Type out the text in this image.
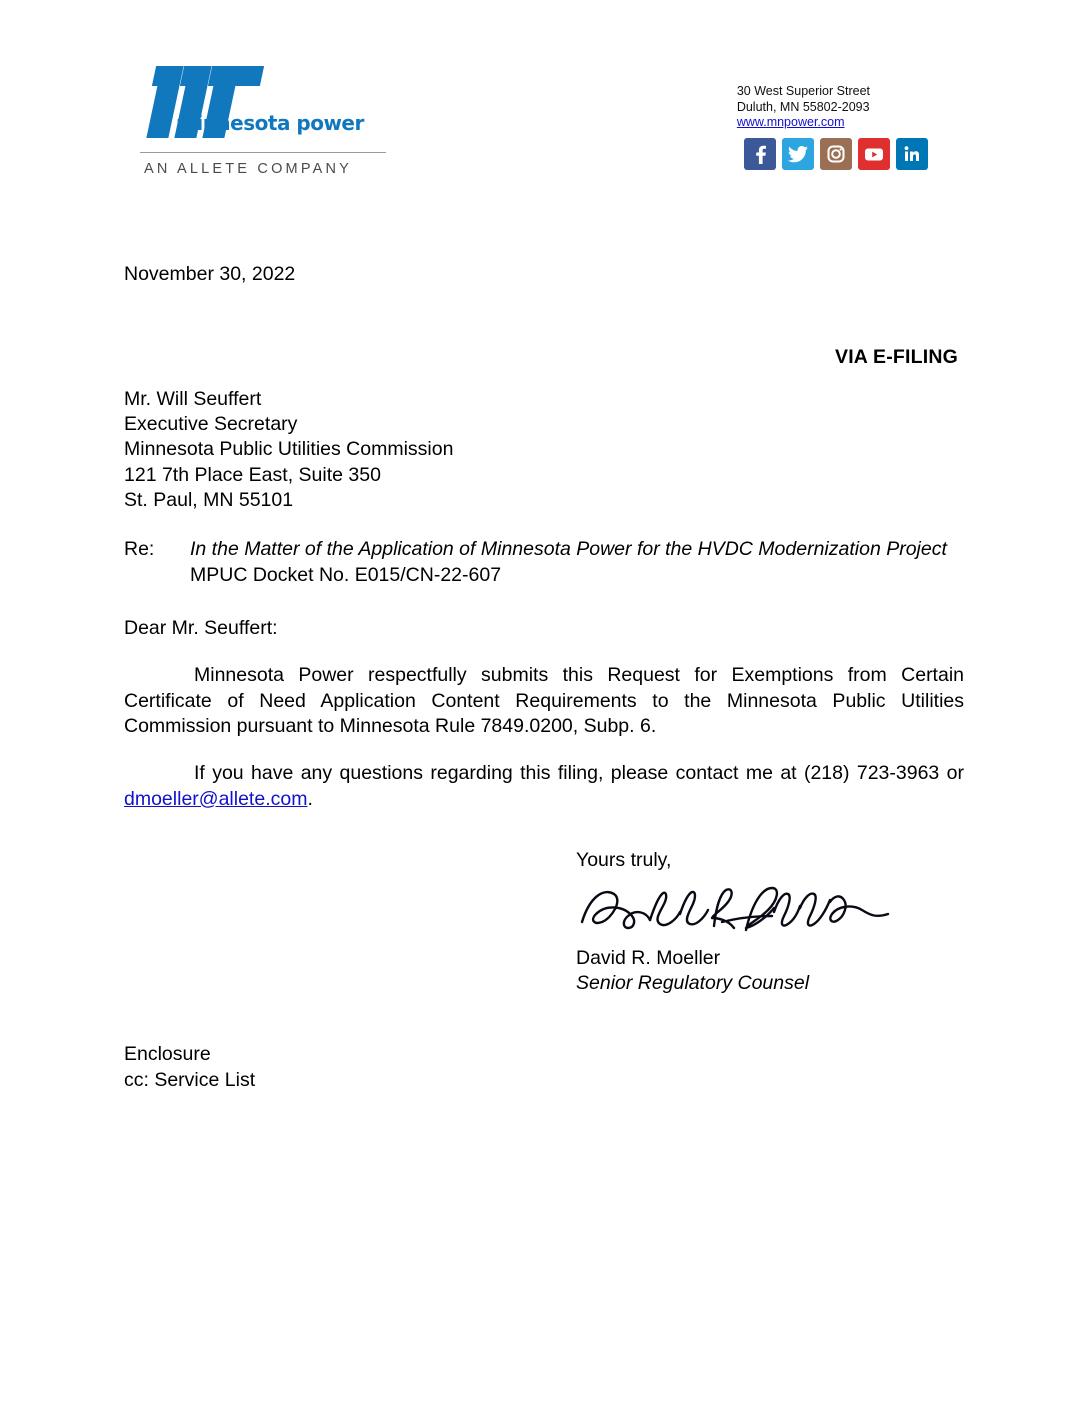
® minnesota power
AN ALLETE COMPANY
30 West Superior Street
Duluth, MN 55802-2093
www.mnpower.com

November 30, 2022

VIA E-FILING

Mr. Will Seuffert
Executive Secretary
Minnesota Public Utilities Commission
121 7th Place East, Suite 350
St. Paul, MN 55101
Re:	In the Matter of the Application of Minnesota Power for the HVDC Modernization Project
MPUC Docket No. E015/CN-22-607

Dear Mr. Seuffert:

Minnesota Power respectfully submits this Request for Exemptions from Certain Certificate of Need Application Content Requirements to the Minnesota Public Utilities Commission pursuant to Minnesota Rule 7849.0200, Subp. 6.

If you have any questions regarding this filing, please contact me at (218) 723-3963 or dmoeller@allete.com.

Yours truly,

David R. Moeller

Senior Regulatory Counsel

Enclosure
cc: Service List
